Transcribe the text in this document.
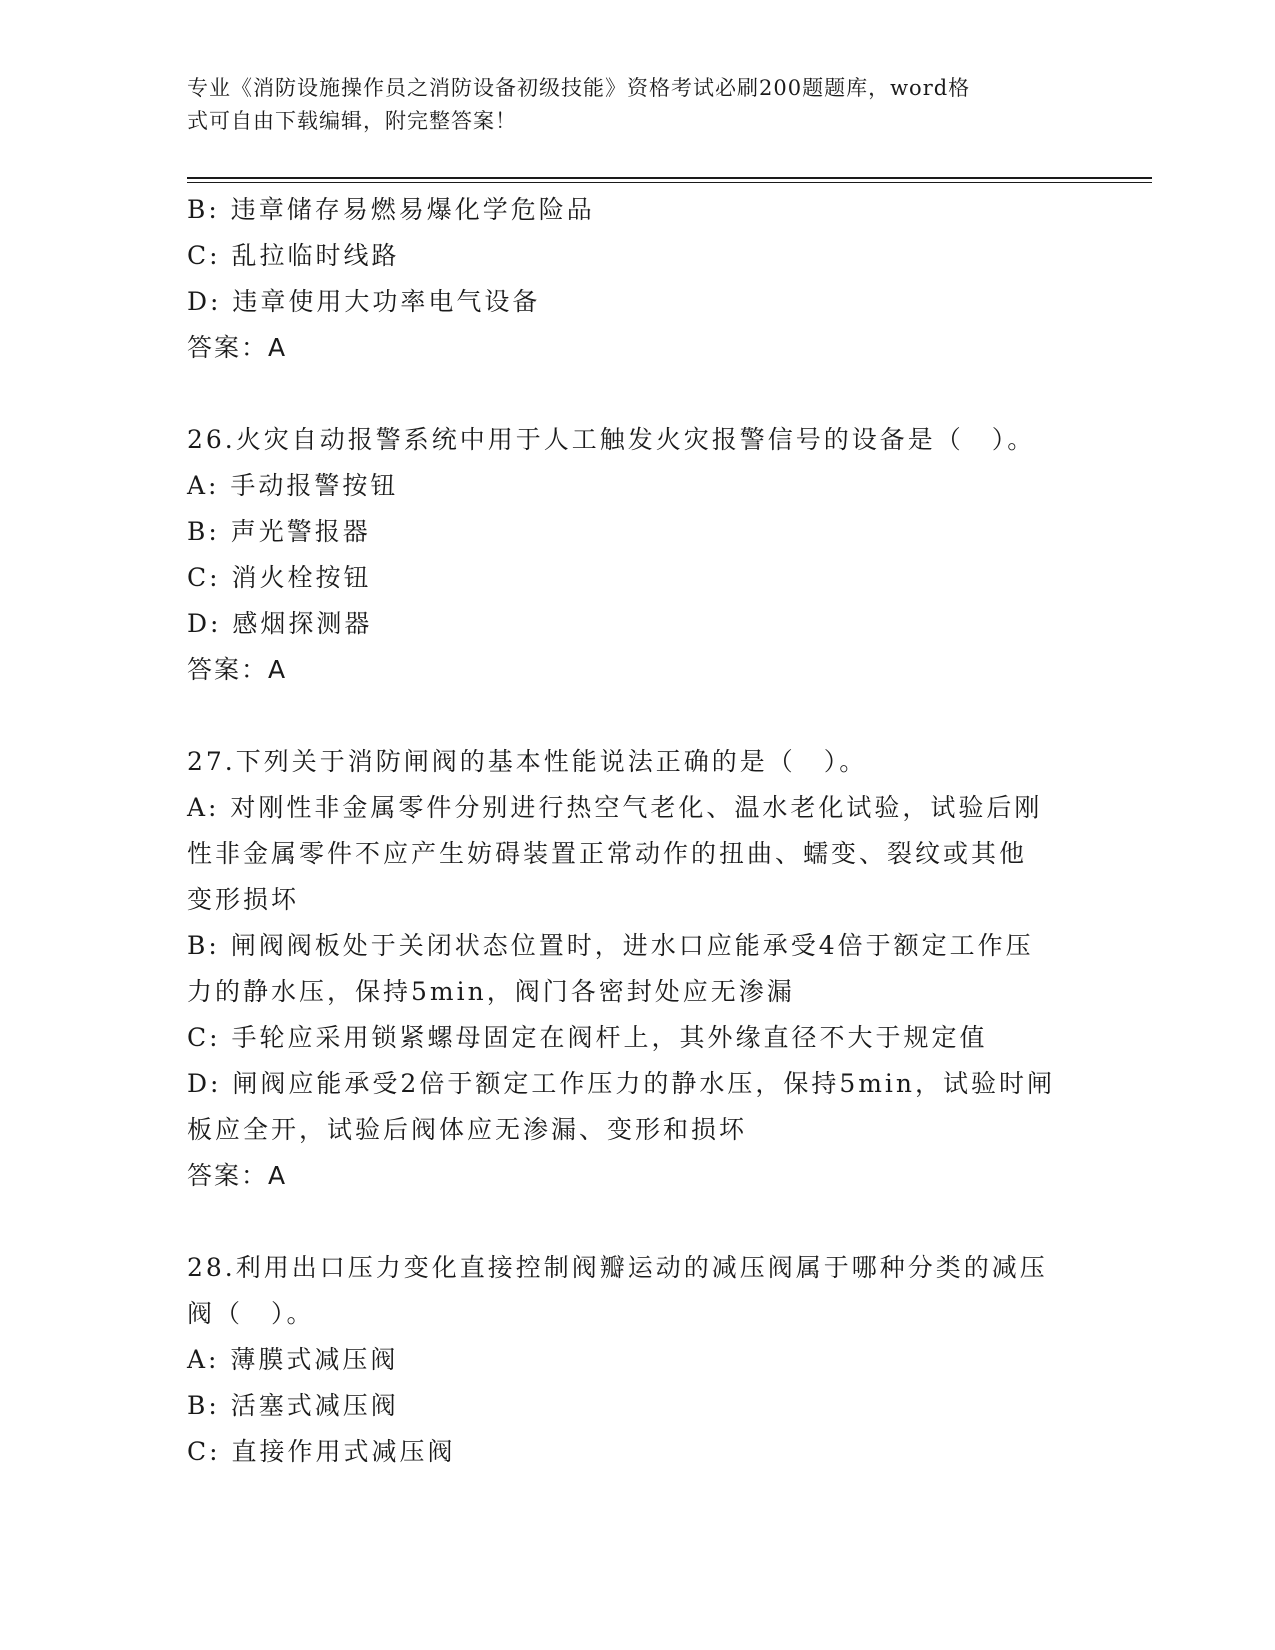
专业《消防设施操作员之消防设备初级技能》资格考试必刷200题题库，word格
式可自由下载编辑，附完整答案！
B: 违章储存易燃易爆化学危险品
C: 乱拉临时线路
D: 违章使用大功率电气设备
答案：A
26.火灾自动报警系统中用于人工触发火灾报警信号的设备是（　）。
A: 手动报警按钮
B: 声光警报器
C: 消火栓按钮
D: 感烟探测器
答案：A
27.下列关于消防闸阀的基本性能说法正确的是（　）。
A: 对刚性非金属零件分别进行热空气老化、温水老化试验，试验后刚
性非金属零件不应产生妨碍装置正常动作的扭曲、蠕变、裂纹或其他
变形损坏
B: 闸阀阀板处于关闭状态位置时，进水口应能承受4倍于额定工作压
力的静水压，保持5min，阀门各密封处应无渗漏
C: 手轮应采用锁紧螺母固定在阀杆上，其外缘直径不大于规定值
D: 闸阀应能承受2倍于额定工作压力的静水压，保持5min，试验时闸
板应全开，试验后阀体应无渗漏、变形和损坏
答案：A
28.利用出口压力变化直接控制阀瓣运动的减压阀属于哪种分类的减压
阀（　）。
A: 薄膜式减压阀
B: 活塞式减压阀
C: 直接作用式减压阀
